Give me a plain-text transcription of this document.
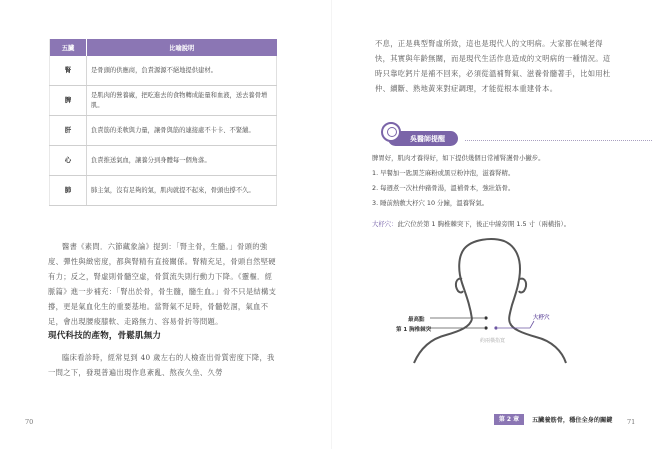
五臟	比喻說明
腎	是骨頭的供應商，負責源源不絕地提供建材。
脾	是肌肉的營養廠，把吃進去的食物轉成能量和血液，送去養骨增肌。
肝	負責筋的柔軟與力量，讓骨與筋的連接處不卡卡、不緊繃。
心	負責推送氣血，讓養分到身體每一個角落。
肺	肺主氣，沒有足夠的氣，肌肉就提不起來，骨頭也撐不久。

醫書《素問．六節藏象論》提到：「腎主骨，生髓。」骨頭的強度、彈性與緻密度，都與腎精有直接關係。腎精充足，骨頭自然堅硬有力；反之，腎虛則骨髓空虛，骨質流失則行動力下降。《靈樞．經脈篇》進一步補充：「腎出於骨，骨生髓，髓生血。」骨不只是結構支撐，更是氣血化生的重要基地。當腎氣不足時，骨髓乾涸，氣血不足，會出現腰痠膝軟、走路無力、容易骨折等問題。

現代科技的產物，骨鬆肌無力

臨床看診時，經常見到 40 歲左右的人檢查出骨質密度下降，我一問之下，發現普遍出現作息紊亂、熬夜久坐、久勞

70

不息，正是典型腎虛所致，這也是現代人的文明病。大家都在喊老得快，其實與年齡無關，而是現代生活作息造成的文明病的一種情況。這時只靠吃鈣片是補不回來，必須從溫補腎氣、滋養骨髓著手，比如用杜仲、續斷、熟地黃來對症調理，才能從根本重建骨本。

吳醫師提醒
脾胃好，肌肉才養得好，如下提供幾個日常補腎護骨小撇步。
1. 早餐加一匙黑芝麻粉或黑豆粉沖泡，滋養腎精。
2. 每週煮一次杜仲豬骨湯，溫補骨本，強壯筋骨。
3. 睡前熱敷大杼穴 10 分鐘，溫養腎氣。
大杼穴：此穴位於第 1 胸椎棘突下，後正中線旁開 1.5 寸（兩橫指）。
最高點
第 1 胸椎棘突
大杼穴
約兩橫指寬
第 2 章	五臟養筋骨，穩住全身的關鍵 71
